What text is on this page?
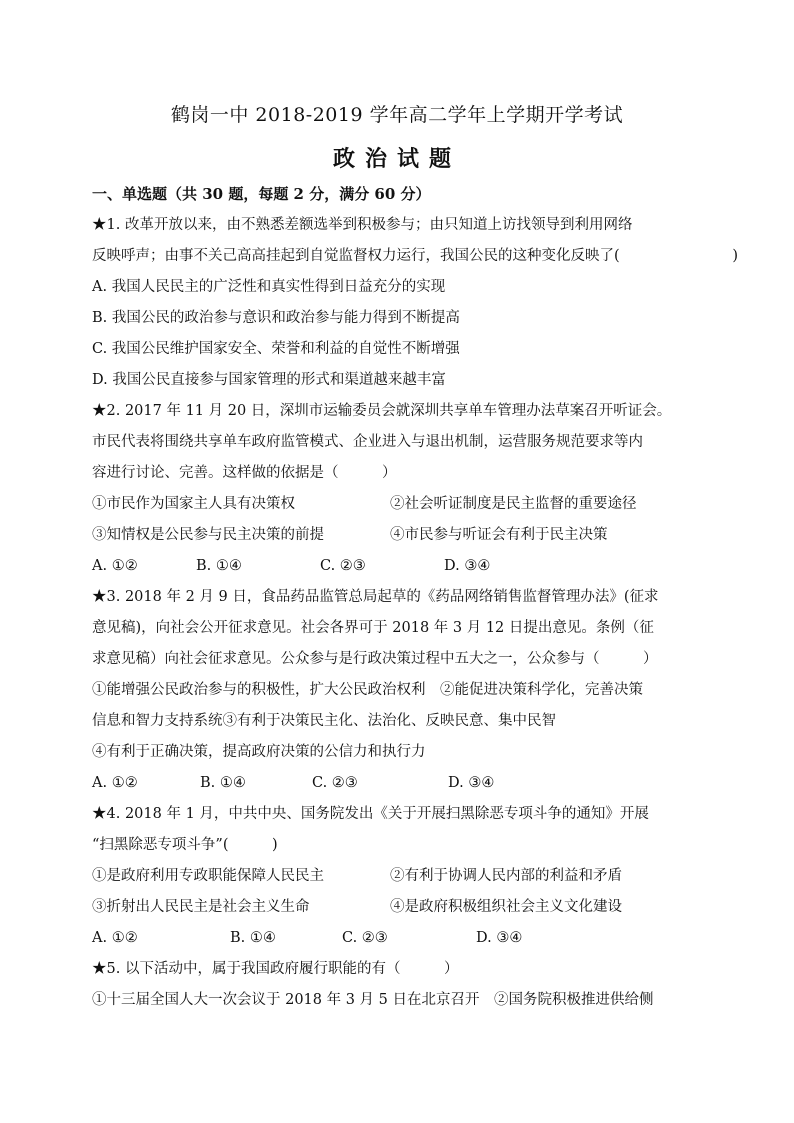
鹤岗一中 2018-2019 学年高二学年上学期开学考试
政治试题
一、单选题（共 30 题，每题 2 分，满分 60 分）
★1. 改革开放以来，由不熟悉差额选举到积极参与；由只知道上访找领导到利用网络
反映呼声；由事不关己高高挂起到自觉监督权力运行，我国公民的这种变化反映了(	)
A. 我国人民民主的广泛性和真实性得到日益充分的实现
B. 我国公民的政治参与意识和政治参与能力得到不断提高
C. 我国公民维护国家安全、荣誉和利益的自觉性不断增强
D. 我国公民直接参与国家管理的形式和渠道越来越丰富
★2. 2017 年 11 月 20 日，深圳市运输委员会就深圳共享单车管理办法草案召开听证会。
市民代表将围绕共享单车政府监管模式、企业进入与退出机制，运营服务规范要求等内
容进行讨论、完善。这样做的依据是（　　　）
①市民作为国家主人具有决策权	②社会听证制度是民主监督的重要途径
③知情权是公民参与民主决策的前提	④市民参与听证会有利于民主决策
A. ①②	B. ①④	C. ②③	D. ③④
★3. 2018 年 2 月 9 日，食品药品监管总局起草的《药品网络销售监督管理办法》(征求
意见稿)，向社会公开征求意见。社会各界可于 2018 年 3 月 12 日提出意见。条例（征
求意见稿）向社会征求意见。公众参与是行政决策过程中五大之一，公众参与（　　　）
①能增强公民政治参与的积极性，扩大公民政治权利　②能促进决策科学化，完善决策
信息和智力支持系统③有利于决策民主化、法治化、反映民意、集中民智
④有利于正确决策，提高政府决策的公信力和执行力
A. ①②	B. ①④	C. ②③	D. ③④
★4. 2018 年 1 月，中共中央、国务院发出《关于开展扫黑除恶专项斗争的通知》开展
“扫黑除恶专项斗争”(　　　)
①是政府利用专政职能保障人民民主	②有利于协调人民内部的利益和矛盾
③折射出人民民主是社会主义生命	④是政府积极组织社会主义文化建设
A. ①②	B. ①④	C. ②③	D. ③④
★5. 以下活动中，属于我国政府履行职能的有（　　　）
①十三届全国人大一次会议于 2018 年 3 月 5 日在北京召开　②国务院积极推进供给侧
